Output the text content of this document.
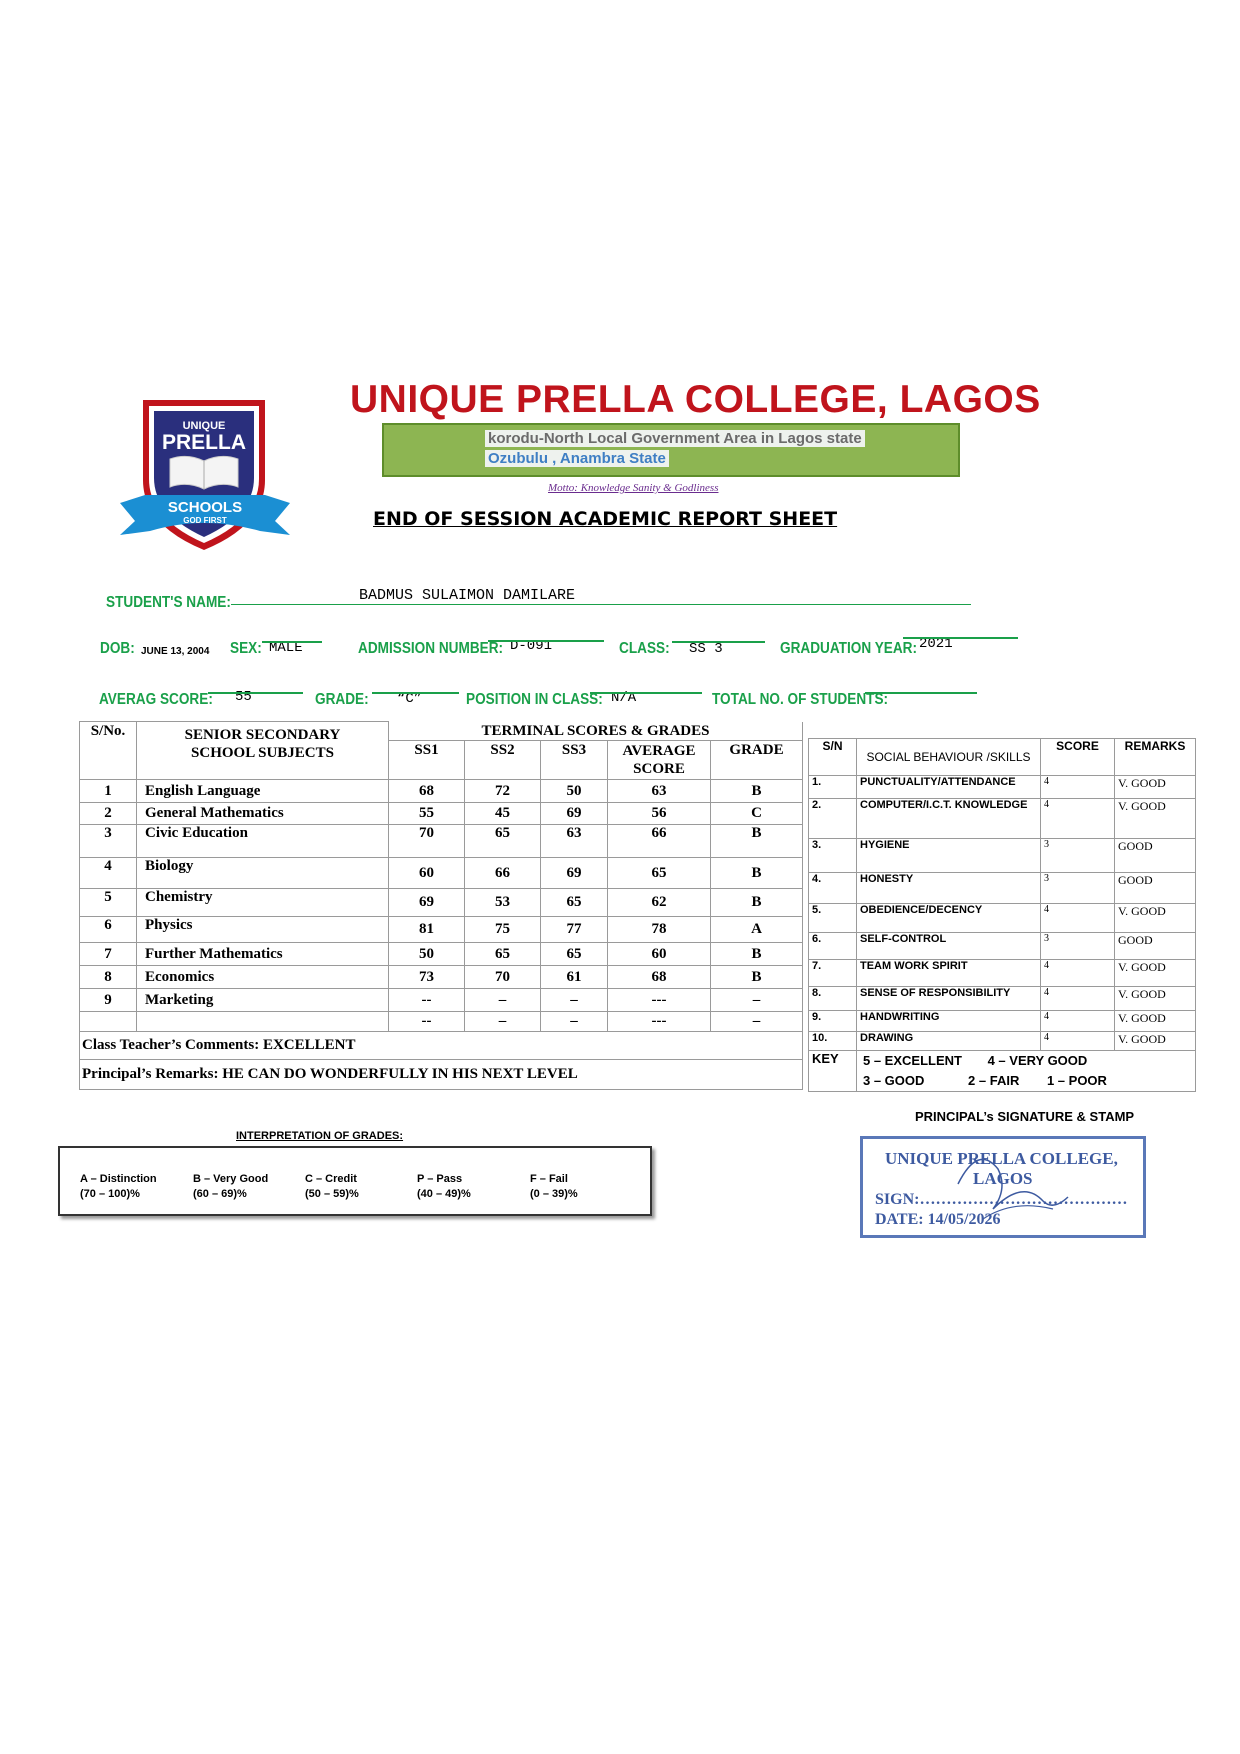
UNIQUE
PRELLA
SCHOOLS
GOD FIRST
UNIQUE PRELLA COLLEGE, LAGOS
korodu-North Local Government Area in Lagos state
Ozubulu , Anambra State
Motto: Knowledge Sanity & Godliness
END OF SESSION ACADEMIC REPORT SHEET
STUDENT'S NAME:	BADMUS SULAIMON DAMILARE
DOB: JUNE 13, 2004 SEX: MALE	ADMISSION NUMBER: D-091	CLASS: SS 3	GRADUATION YEAR: 2021
AVERAG SCORE: 55	GRADE: “C”	POSITION IN CLASS: N/A	TOTAL NO. OF STUDENTS:
S/No.	SENIOR SECONDARY SCHOOL SUBJECTS	TERMINAL SCORES & GRADES				
		SS1	SS2	SS3	AVERAGE SCORE	GRADE
1	English Language	68	72	50	63	B
2	General Mathematics	55	45	69	56	C
3	Civic Education	70	65	63	66	B
4	Biology	60	66	69	65	B
5	Chemistry	69	53	65	62	B
6	Physics	81	75	77	78	A
7	Further Mathematics	50	65	65	60	B
8	Economics	73	70	61	68	B
9	Marketing	--	–	–	---	–
		--	–	–	---	–
Class Teacher’s Comments: EXCELLENT						
Principal’s Remarks: HE CAN DO WONDERFULLY IN HIS NEXT LEVEL						
S/N	SOCIAL BEHAVIOUR /SKILLS	SCORE	REMARKS
1.	PUNCTUALITY/ATTENDANCE	4	V. GOOD
2.	COMPUTER/I.C.T. KNOWLEDGE	4	V. GOOD
3.	HYGIENE	3	GOOD
4.	HONESTY	3	GOOD
5.	OBEDIENCE/DECENCY	4	V. GOOD
6.	SELF-CONTROL	3	GOOD
7.	TEAM WORK SPIRIT	4	V. GOOD
8.	SENSE OF RESPONSIBILITY	4	V. GOOD
9.	HANDWRITING	4	V. GOOD
10.	DRAWING	4	V. GOOD
KEY	5 – EXCELLENT 4 – VERY GOOD
3 – GOOD 2 – FAIR 1 – POOR		
INTERPRETATION OF GRADES:
A – Distinction
(70 – 100)%
B – Very Good
(60 – 69)%
C – Credit
(50 – 59)%
P – Pass
(40 – 49)%
F – Fail
(0 – 39)%
PRINCIPAL’s SIGNATURE & STAMP
UNIQUE PRELLA COLLEGE,
LAGOS
SIGN:…………………………………
DATE: 14/05/2026
